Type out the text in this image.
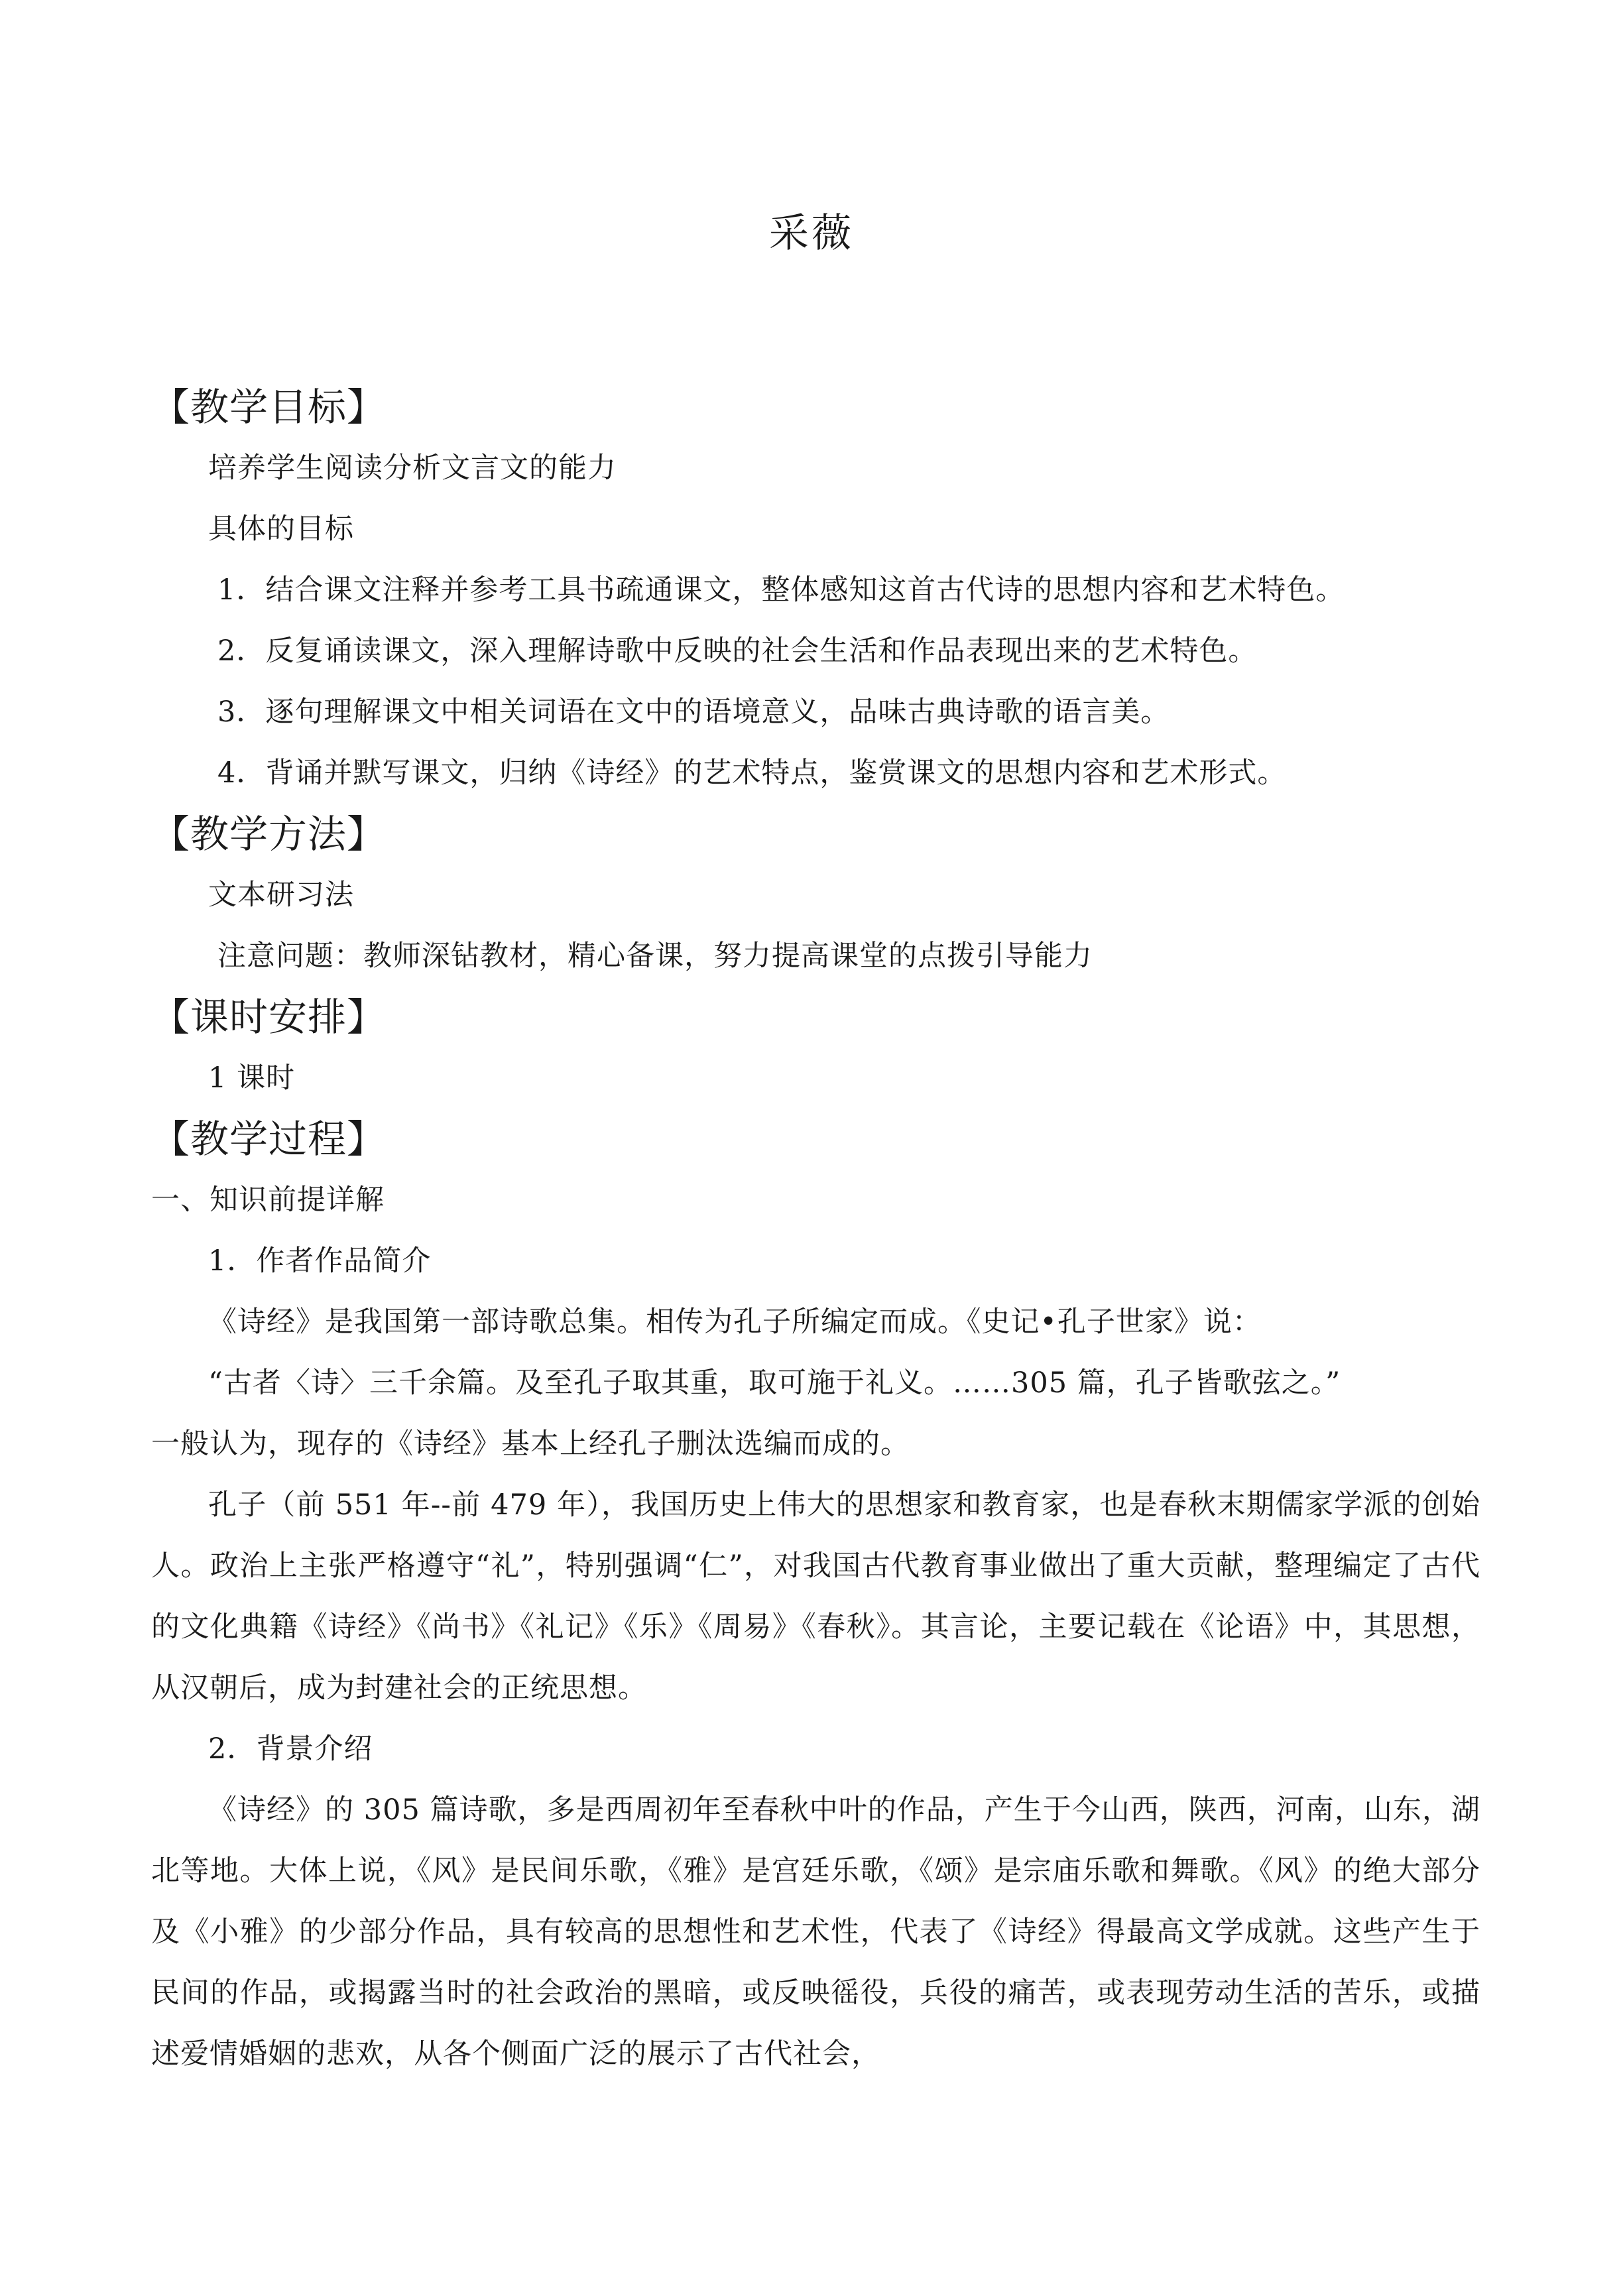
采薇
【教学目标】
培养学生阅读分析文言文的能力
具体的目标
1．结合课文注释并参考工具书疏通课文，整体感知这首古代诗的思想内容和艺术特色。
2．反复诵读课文，深入理解诗歌中反映的社会生活和作品表现出来的艺术特色。
3．逐句理解课文中相关词语在文中的语境意义，品味古典诗歌的语言美。
4．背诵并默写课文，归纳《诗经》的艺术特点，鉴赏课文的思想内容和艺术形式。
【教学方法】
文本研习法
注意问题：教师深钻教材，精心备课，努力提高课堂的点拨引导能力
【课时安排】
1 课时
【教学过程】
一、知识前提详解
1．作者作品简介
《诗经》是我国第一部诗歌总集。相传为孔子所编定而成。《史记•孔子世家》说：
“古者〈诗〉三千余篇。及至孔子取其重，取可施于礼义。……305 篇，孔子皆歌弦之。”
一般认为，现存的《诗经》基本上经孔子删汰选编而成的。
孔子（前 551 年--前 479 年），我国历史上伟大的思想家和教育家，也是春秋末期儒家学派的创始人。政治上主张严格遵守“礼”，特别强调“仁”，对我国古代教育事业做出了重大贡献，整理编定了古代的文化典籍《诗经》《尚书》《礼记》《乐》《周易》《春秋》。其言论，主要记载在《论语》中，其思想，从汉朝后，成为封建社会的正统思想。
2．背景介绍
《诗经》的 305 篇诗歌，多是西周初年至春秋中叶的作品，产生于今山西，陕西，河南，山东，湖北等地。大体上说，《风》是民间乐歌，《雅》是宫廷乐歌，《颂》是宗庙乐歌和舞歌。《风》的绝大部分及《小雅》的少部分作品，具有较高的思想性和艺术性，代表了《诗经》得最高文学成就。这些产生于民间的作品，或揭露当时的社会政治的黑暗，或反映徭役，兵役的痛苦，或表现劳动生活的苦乐，或描述爱情婚姻的悲欢，从各个侧面广泛的展示了古代社会，
